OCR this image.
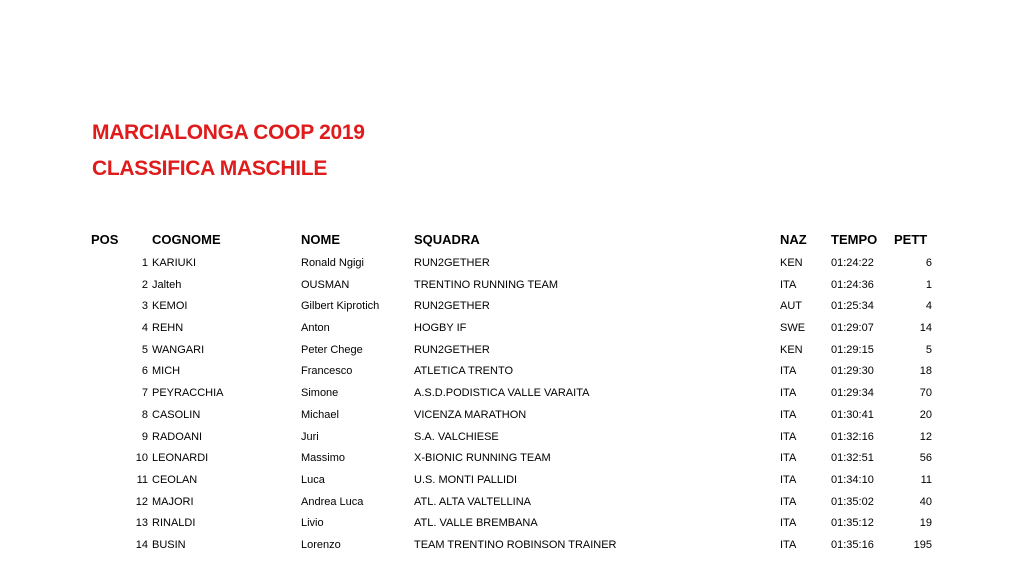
MARCIALONGA COOP 2019
CLASSIFICA MASCHILE
POS	COGNOME	NOME	SQUADRA	NAZ TEMPO PETT
1 KARIUKI	Ronald Ngigi	RUN2GETHER	KEN	01:24:22	6
2 Jalteh	OUSMAN	TRENTINO RUNNING TEAM	ITA	01:24:36	1
3 KEMOI	Gilbert Kiprotich	RUN2GETHER	AUT	01:25:34	4
4 REHN	Anton	HOGBY IF	SWE 01:29:07	14
5 WANGARI	Peter Chege	RUN2GETHER	KEN	01:29:15	5
6 MICH	Francesco	ATLETICA TRENTO	ITA	01:29:30	18
7 PEYRACCHIA	Simone	A.S.D.PODISTICA VALLE VARAITA	ITA	01:29:34	70
8 CASOLIN	Michael	VICENZA MARATHON	ITA	01:30:41	20
9 RADOANI	Juri	S.A. VALCHIESE	ITA	01:32:16	12
10 LEONARDI	Massimo	X-BIONIC RUNNING TEAM	ITA	01:32:51	56
11 CEOLAN	Luca	U.S. MONTI PALLIDI	ITA	01:34:10	11
12 MAJORI	Andrea Luca	ATL. ALTA VALTELLINA	ITA	01:35:02	40
13 RINALDI	Livio	ATL. VALLE BREMBANA	ITA	01:35:12	19
14 BUSIN	Lorenzo	TEAM TRENTINO ROBINSON TRAINER	ITA	01:35:16	195
